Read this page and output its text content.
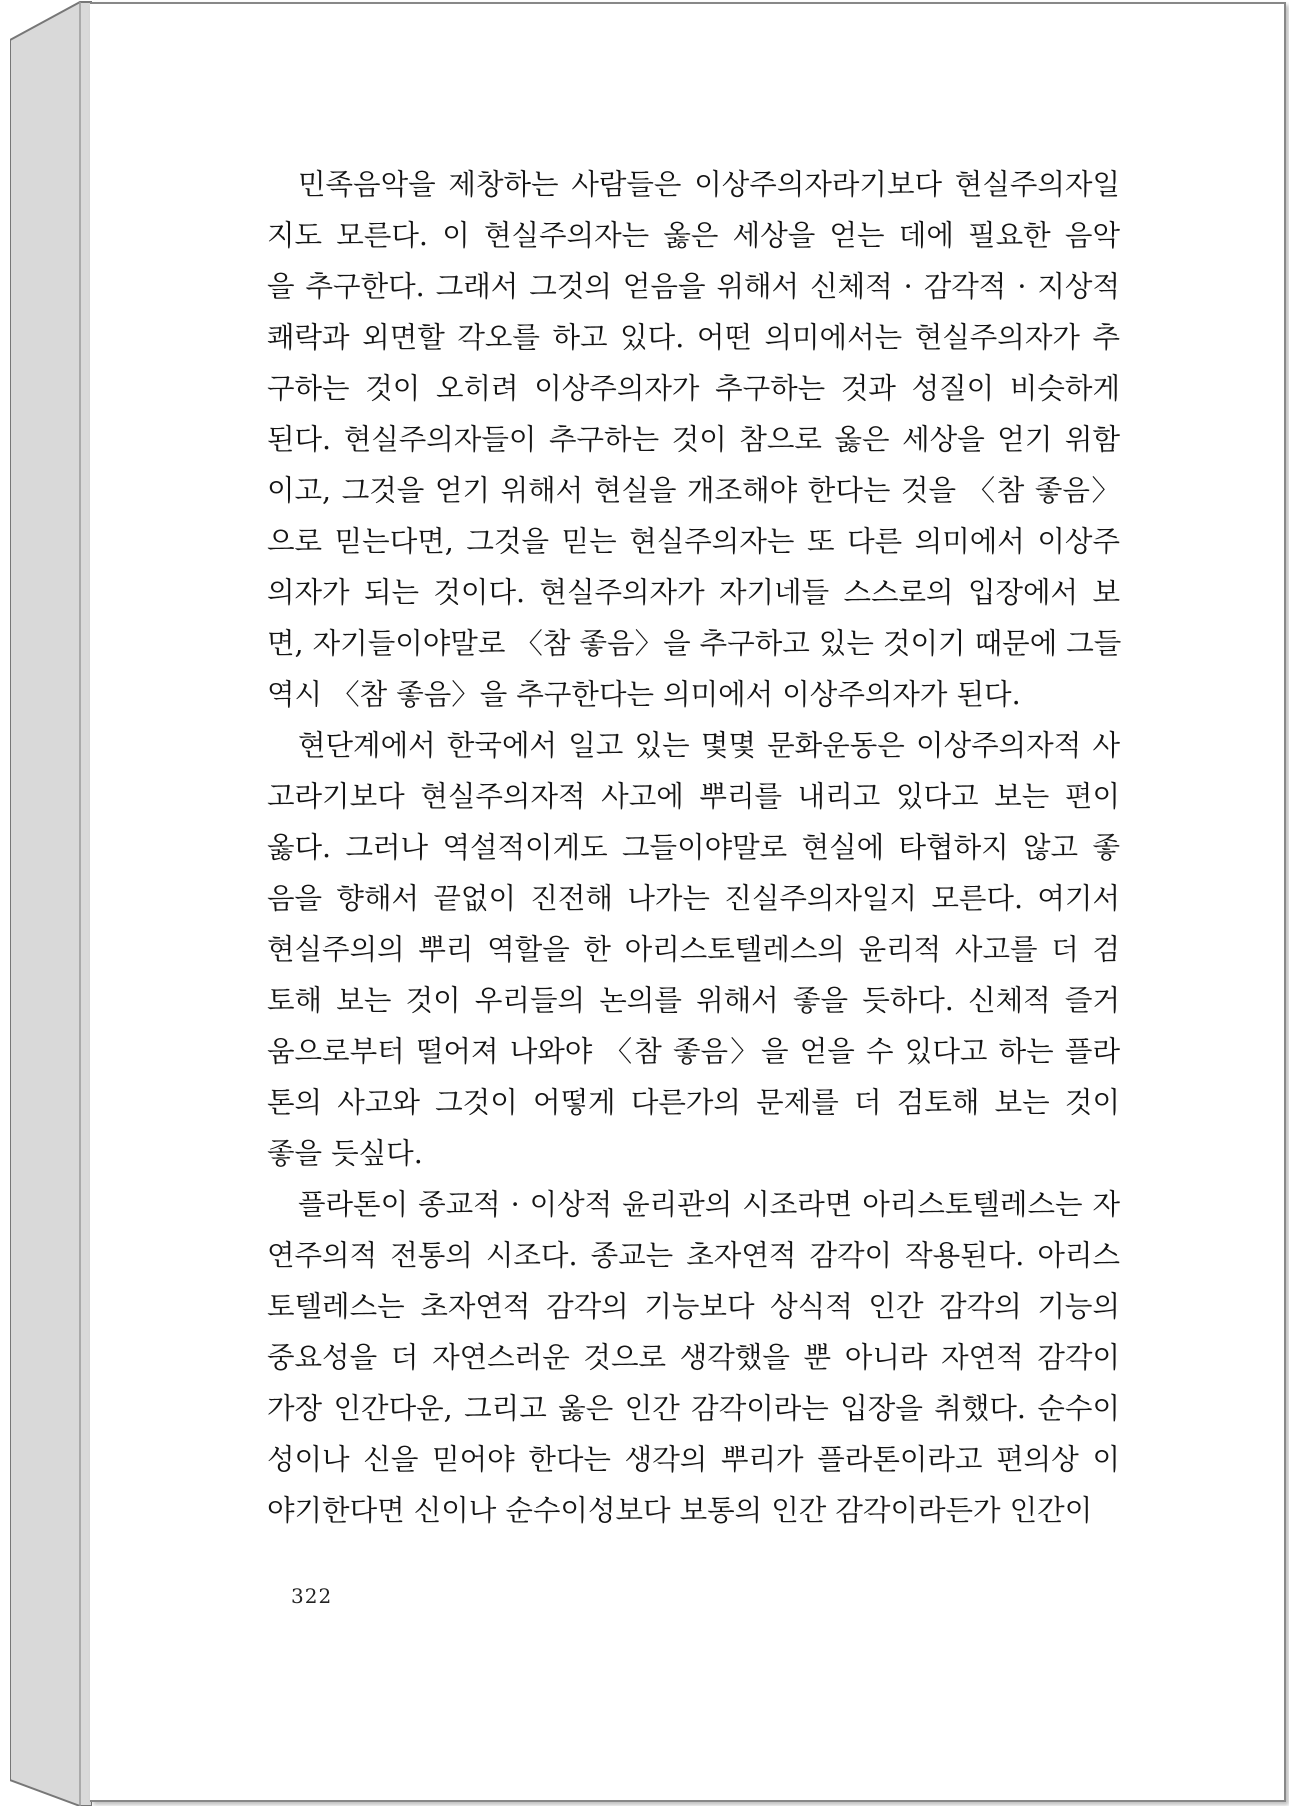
민족음악을 제창하는 사람들은 이상주의자라기보다 현실주의자일
지도 모른다. 이 현실주의자는 옳은 세상을 얻는 데에 필요한 음악
을 추구한다. 그래서 그것의 얻음을 위해서 신체적 · 감각적 · 지상적
쾌락과 외면할 각오를 하고 있다. 어떤 의미에서는 현실주의자가 추
구하는 것이 오히려 이상주의자가 추구하는 것과 성질이 비슷하게
된다. 현실주의자들이 추구하는 것이 참으로 옳은 세상을 얻기 위함
이고, 그것을 얻기 위해서 현실을 개조해야 한다는 것을 〈참 좋음〉
으로 믿는다면, 그것을 믿는 현실주의자는 또 다른 의미에서 이상주
의자가 되는 것이다. 현실주의자가 자기네들 스스로의 입장에서 보
면, 자기들이야말로 〈참 좋음〉을 추구하고 있는 것이기 때문에 그들
역시 〈참 좋음〉을 추구한다는 의미에서 이상주의자가 된다.

현단계에서 한국에서 일고 있는 몇몇 문화운동은 이상주의자적 사
고라기보다 현실주의자적 사고에 뿌리를 내리고 있다고 보는 편이
옳다. 그러나 역설적이게도 그들이야말로 현실에 타협하지 않고 좋
음을 향해서 끝없이 진전해 나가는 진실주의자일지 모른다. 여기서
현실주의의 뿌리 역할을 한 아리스토텔레스의 윤리적 사고를 더 검
토해 보는 것이 우리들의 논의를 위해서 좋을 듯하다. 신체적 즐거
움으로부터 떨어져 나와야 〈참 좋음〉을 얻을 수 있다고 하는 플라
톤의 사고와 그것이 어떻게 다른가의 문제를 더 검토해 보는 것이
좋을 듯싶다.

플라톤이 종교적 · 이상적 윤리관의 시조라면 아리스토텔레스는 자
연주의적 전통의 시조다. 종교는 초자연적 감각이 작용된다. 아리스
토텔레스는 초자연적 감각의 기능보다 상식적 인간 감각의 기능의
중요성을 더 자연스러운 것으로 생각했을 뿐 아니라 자연적 감각이
가장 인간다운, 그리고 옳은 인간 감각이라는 입장을 취했다. 순수이
성이나 신을 믿어야 한다는 생각의 뿌리가 플라톤이라고 편의상 이
야기한다면 신이나 순수이성보다 보통의 인간 감각이라든가 인간이

322
